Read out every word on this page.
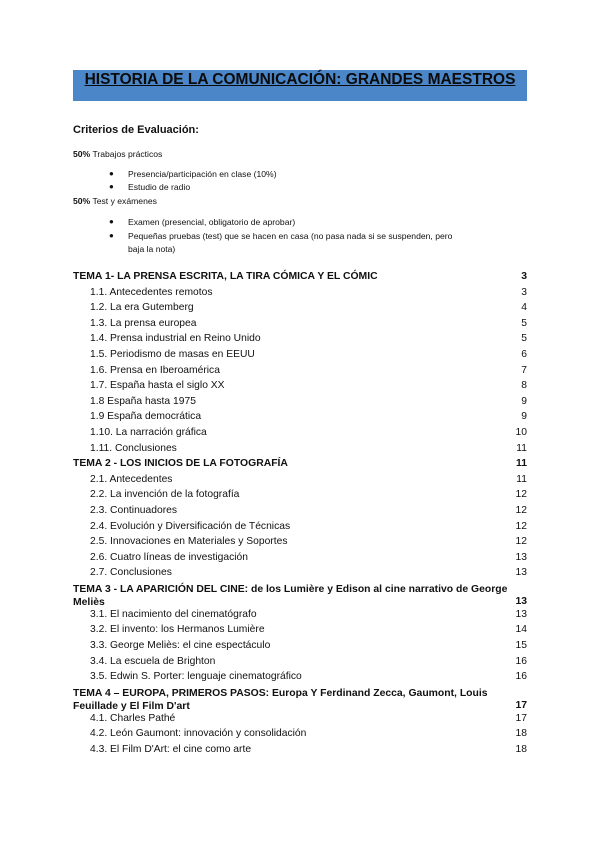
HISTORIA DE LA COMUNICACIÓN: GRANDES MAESTROS
Criterios de Evaluación:
50% Trabajos prácticos
● Presencia/participación en clase (10%)
● Estudio de radio
50% Test y exámenes
● Examen (presencial, obligatorio de aprobar)
● Pequeñas pruebas (test) que se hacen en casa (no pasa nada si se suspenden, pero
baja la nota)
TEMA 1- LA PRENSA ESCRITA, LA TIRA CÓMICA Y EL CÓMIC	3
1.1. Antecedentes remotos	3
1.2. La era Gutemberg	4
1.3. La prensa europea	5
1.4. Prensa industrial en Reino Unido	5
1.5. Periodismo de masas en EEUU	6
1.6. Prensa en Iberoamérica	7
1.7. España hasta el siglo XX	8
1.8 España hasta 1975	9
1.9 España democrática	9
1.10. La narración gráfica	10
1.11. Conclusiones	11
TEMA 2 - LOS INICIOS DE LA FOTOGRAFÍA	11
2.1. Antecedentes	11
2.2. La invención de la fotografía	12
2.3. Continuadores	12
2.4. Evolución y Diversificación de Técnicas	12
2.5. Innovaciones en Materiales y Soportes	12
2.6. Cuatro líneas de investigación	13
2.7. Conclusiones	13
TEMA 3 - LA APARICIÓN DEL CINE: de los Lumière y Edison al cine narrativo de George Meliès	13
3.1. El nacimiento del cinematógrafo	13
3.2. El invento: los Hermanos Lumière	14
3.3. George Meliès: el cine espectáculo	15
3.4. La escuela de Brighton	16
3.5. Edwin S. Porter: lenguaje cinematográfico	16
TEMA 4 – EUROPA, PRIMEROS PASOS: Europa Y Ferdinand Zecca, Gaumont, Louis Feuillade y El Film D'art	17
4.1. Charles Pathé	17
4.2. León Gaumont: innovación y consolidación	18
4.3. El Film D'Art: el cine como arte	18
